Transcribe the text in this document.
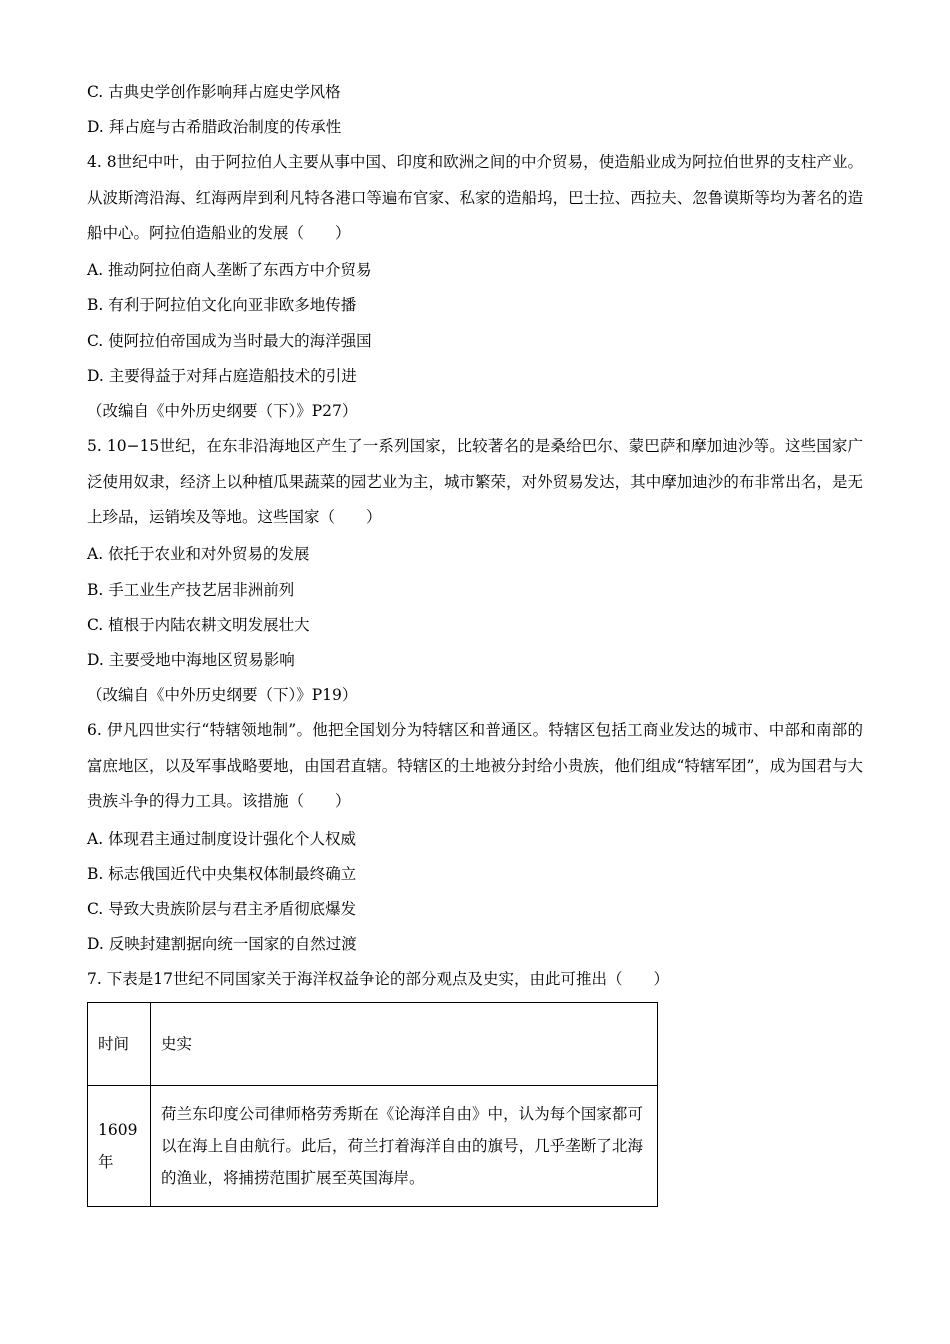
C. 古典史学创作影响拜占庭史学风格
D. 拜占庭与古希腊政治制度的传承性
4. 8世纪中叶，由于阿拉伯人主要从事中国、印度和欧洲之间的中介贸易，使造船业成为阿拉伯世界的支柱产业。从波斯湾沿海、红海两岸到利凡特各港口等遍布官家、私家的造船坞，巴士拉、西拉夫、忽鲁谟斯等均为著名的造船中心。阿拉伯造船业的发展（　　）
A. 推动阿拉伯商人垄断了东西方中介贸易
B. 有利于阿拉伯文化向亚非欧多地传播
C. 使阿拉伯帝国成为当时最大的海洋强国
D. 主要得益于对拜占庭造船技术的引进
（改编自《中外历史纲要（下）》P27）
5. 10−15世纪，在东非沿海地区产生了一系列国家，比较著名的是桑给巴尔、蒙巴萨和摩加迪沙等。这些国家广泛使用奴隶，经济上以种植瓜果蔬菜的园艺业为主，城市繁荣，对外贸易发达，其中摩加迪沙的布非常出名，是无上珍品，运销埃及等地。这些国家（　　）
A. 依托于农业和对外贸易的发展
B. 手工业生产技艺居非洲前列
C. 植根于内陆农耕文明发展壮大
D. 主要受地中海地区贸易影响
（改编自《中外历史纲要（下）》P19）
6. 伊凡四世实行“特辖领地制”。他把全国划分为特辖区和普通区。特辖区包括工商业发达的城市、中部和南部的富庶地区，以及军事战略要地，由国君直辖。特辖区的土地被分封给小贵族，他们组成“特辖军团”，成为国君与大贵族斗争的得力工具。该措施（　　）
A. 体现君主通过制度设计强化个人权威
B. 标志俄国近代中央集权体制最终确立
C. 导致大贵族阶层与君主矛盾彻底爆发
D. 反映封建割据向统一国家的自然过渡
7. 下表是17世纪不同国家关于海洋权益争论的部分观点及史实，由此可推出（　　）
时间	史实
1609年	荷兰东印度公司律师格劳秀斯在《论海洋自由》中，认为每个国家都可以在海上自由航行。此后，荷兰打着海洋自由的旗号，几乎垄断了北海的渔业，将捕捞范围扩展至英国海岸。
